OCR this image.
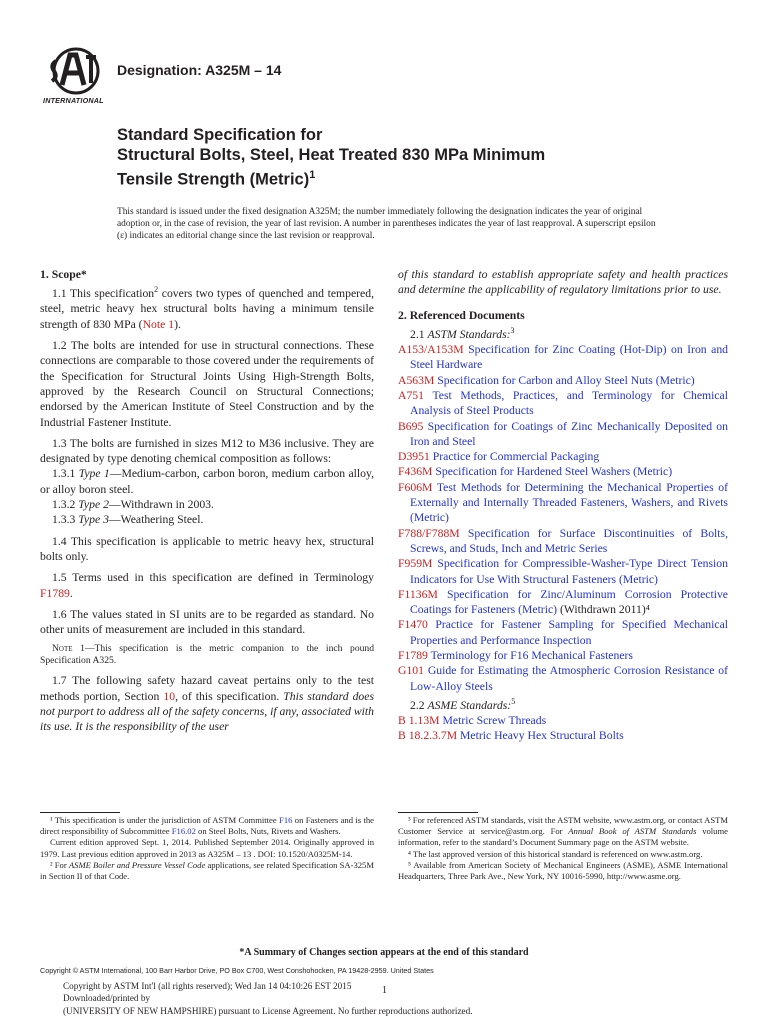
INTERNATIONAL
Designation: A325M – 14
Standard Specification for
Structural Bolts, Steel, Heat Treated 830 MPa Minimum
Tensile Strength (Metric)$^1$
This standard is issued under the fixed designation A325M; the number immediately following the designation indicates the year of original adoption or, in the case of revision, the year of last revision. A number in parentheses indicates the year of last reapproval. A superscript epsilon (ε) indicates an editorial change since the last revision or reapproval.

1. Scope*

1.1 This specification$^2$ covers two types of quenched and tempered, steel, metric heavy hex structural bolts having a minimum tensile strength of 830 MPa (Note 1).

1.2 The bolts are intended for use in structural connections. These connections are comparable to those covered under the requirements of the Specification for Structural Joints Using High-Strength Bolts, approved by the Research Council on Structural Connections; endorsed by the American Institute of Steel Construction and by the Industrial Fastener Institute.

1.3 The bolts are furnished in sizes M12 to M36 inclusive. They are designated by type denoting chemical composition as follows:

1.3.1 Type 1—Medium-carbon, carbon boron, medium carbon alloy, or alloy boron steel.

1.3.2 Type 2—Withdrawn in 2003.

1.3.3 Type 3—Weathering Steel.

1.4 This specification is applicable to metric heavy hex, structural bolts only.

1.5 Terms used in this specification are defined in Terminology F1789.

1.6 The values stated in SI units are to be regarded as standard. No other units of measurement are included in this standard.

Note 1—This specification is the metric companion to the inch pound Specification A325.

1.7 The following safety hazard caveat pertains only to the test methods portion, Section 10, of this specification. This standard does not purport to address all of the safety concerns, if any, associated with its use. It is the responsibility of the user

of this standard to establish appropriate safety and health practices and determine the applicability of regulatory limitations prior to use.

2. Referenced Documents

2.1 ASTM Standards:$^3$

A153/A153M Specification for Zinc Coating (Hot-Dip) on Iron and Steel Hardware

A563M Specification for Carbon and Alloy Steel Nuts (Metric)

A751 Test Methods, Practices, and Terminology for Chemical Analysis of Steel Products

B695 Specification for Coatings of Zinc Mechanically Deposited on Iron and Steel

D3951 Practice for Commercial Packaging

F436M Specification for Hardened Steel Washers (Metric)

F606M Test Methods for Determining the Mechanical Properties of Externally and Internally Threaded Fasteners, Washers, and Rivets (Metric)

F788/F788M Specification for Surface Discontinuities of Bolts, Screws, and Studs, Inch and Metric Series

F959M Specification for Compressible-Washer-Type Direct Tension Indicators for Use With Structural Fasteners (Metric)

F1136M Specification for Zinc/Aluminum Corrosion Protective Coatings for Fasteners (Metric) (Withdrawn 2011)⁴

F1470 Practice for Fastener Sampling for Specified Mechanical Properties and Performance Inspection

F1789 Terminology for F16 Mechanical Fasteners

G101 Guide for Estimating the Atmospheric Corrosion Resistance of Low-Alloy Steels

2.2 ASME Standards:$^5$

B 1.13M Metric Screw Threads

B 18.2.3.7M Metric Heavy Hex Structural Bolts

¹ This specification is under the jurisdiction of ASTM Committee F16 on Fasteners and is the direct responsibility of Subcommittee F16.02 on Steel Bolts, Nuts, Rivets and Washers.

Current edition approved Sept. 1, 2014. Published September 2014. Originally approved in 1979. Last previous edition approved in 2013 as A325M – 13 . DOI: 10.1520/A0325M-14.

² For ASME Boiler and Pressure Vessel Code applications, see related Specification SA-325M in Section II of that Code.

³ For referenced ASTM standards, visit the ASTM website, www.astm.org, or contact ASTM Customer Service at service@astm.org. For Annual Book of ASTM Standards volume information, refer to the standard’s Document Summary page on the ASTM website.

⁴ The last approved version of this historical standard is referenced on www.astm.org.

⁵ Available from American Society of Mechanical Engineers (ASME), ASME International Headquarters, Three Park Ave., New York, NY 10016-5990, http://www.asme.org.

*A Summary of Changes section appears at the end of this standard
Copyright © ASTM International, 100 Barr Harbor Drive, PO Box C700, West Conshohocken, PA 19428-2959. United States
Copyright by ASTM Int'l (all rights reserved); Wed Jan 14 04:10:26 EST 2015
Downloaded/printed by
(UNIVERSITY OF NEW HAMPSHIRE) pursuant to License Agreement. No further reproductions authorized.
1
